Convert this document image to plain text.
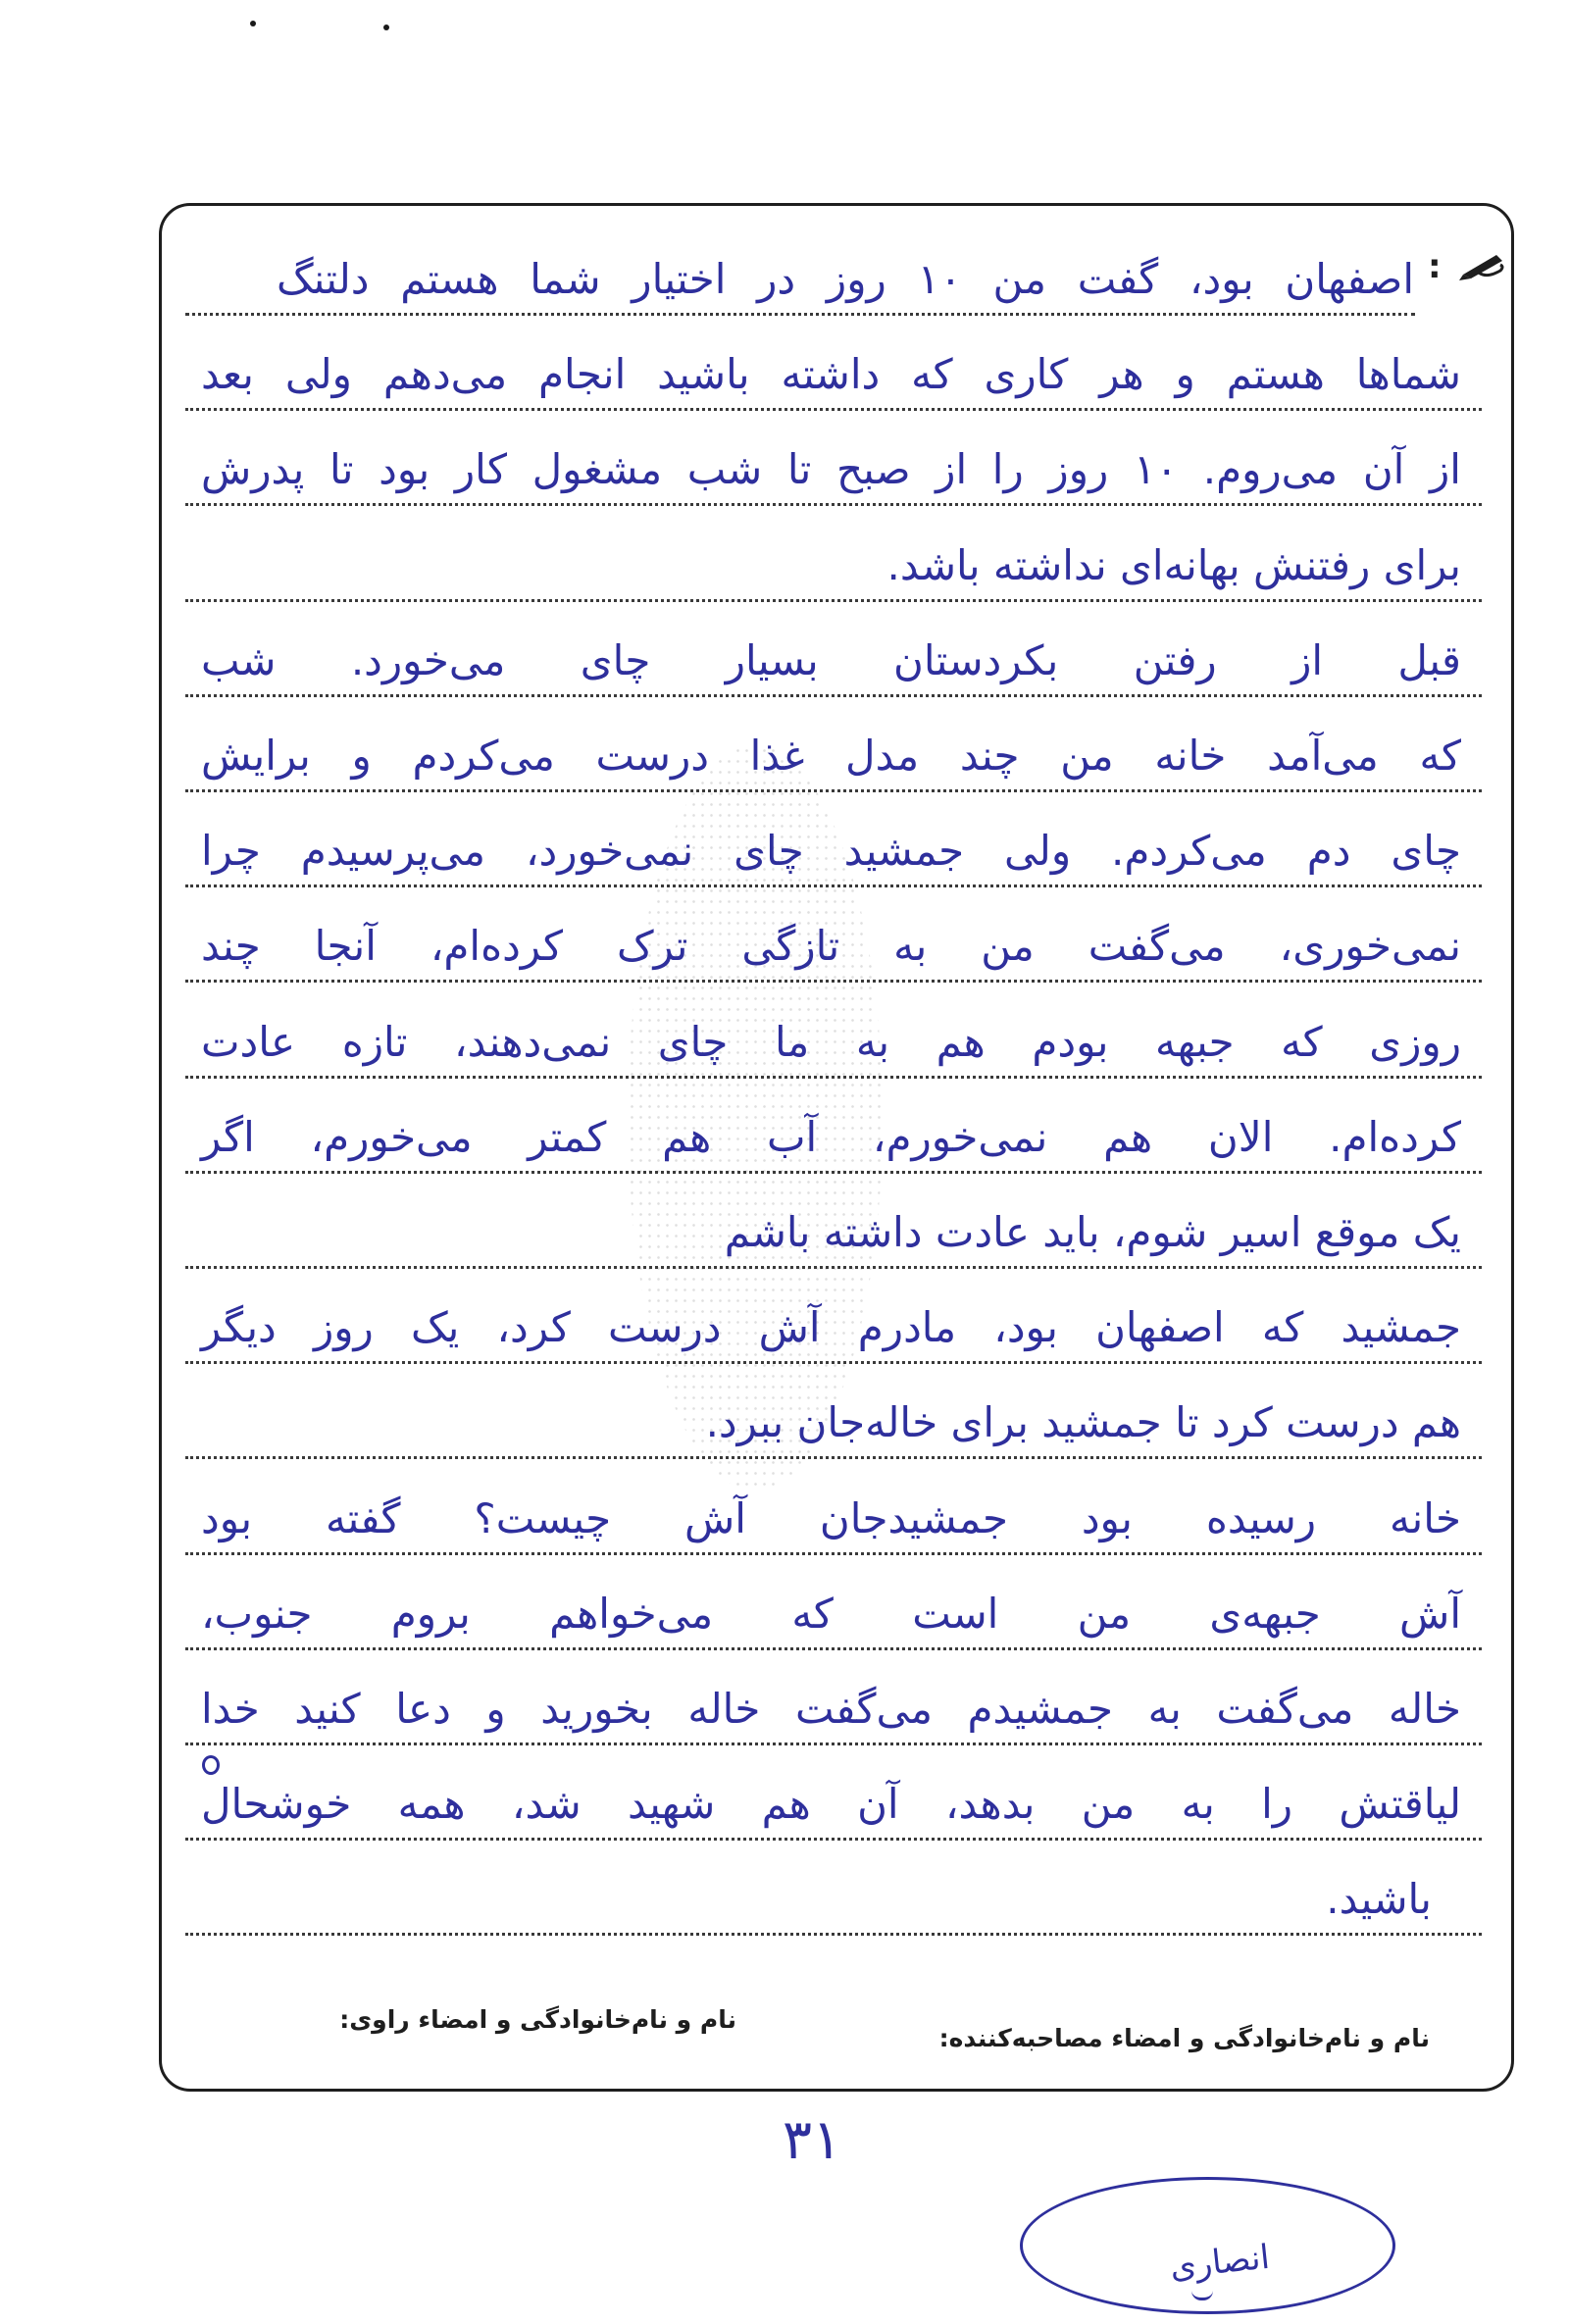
:
اصفهان بود، گفت من ۱۰ روز در اختیار شما هستم دلتنگ
شماها هستم و هر کاری که داشته باشید انجام می‌دهم ولی بعد
از آن می‌روم. ۱۰ روز را از صبح تا شب مشغول کار بود تا پدرش
برای رفتنش بهانه‌ای نداشته باشد.
قبل از رفتن بکردستان بسیار چای می‌خورد. شب
که می‌آمد خانه من چند مدل غذا درست می‌کردم و برایش
چای دم می‌کردم. ولی جمشید چای نمی‌خورد، می‌پرسیدم چرا
نمی‌خوری، می‌گفت من به تازگی ترک کرده‌ام، آنجا چند
روزی که جبهه بودم هم به ما چای نمی‌دهند، تازه عادت
کرده‌ام. الان هم نمی‌خورم، آب هم کمتر می‌خورم، اگر
یک موقع اسیر شوم، باید عادت داشته باشم
جمشید که اصفهان بود، مادرم آش درست کرد، یک روز دیگر
هم درست کرد تا جمشید برای خاله‌جان ببرد.
خانه رسیده بود جمشیدجان آش چیست؟ گفته بود
آش جبهه‌ی من است که می‌خواهم بروم جنوب،
خاله می‌گفت به جمشیدم می‌گفت خاله بخورید و دعا کنید خدا
لیاقتش را به من بدهد، آن هم شهید شد، همه خوشحال
باشید.
نام و نام‌خانوادگی و امضاء مصاحبه‌کننده:
نام و نام‌خانوادگی و امضاء راوی:
۳۱
انصاری
